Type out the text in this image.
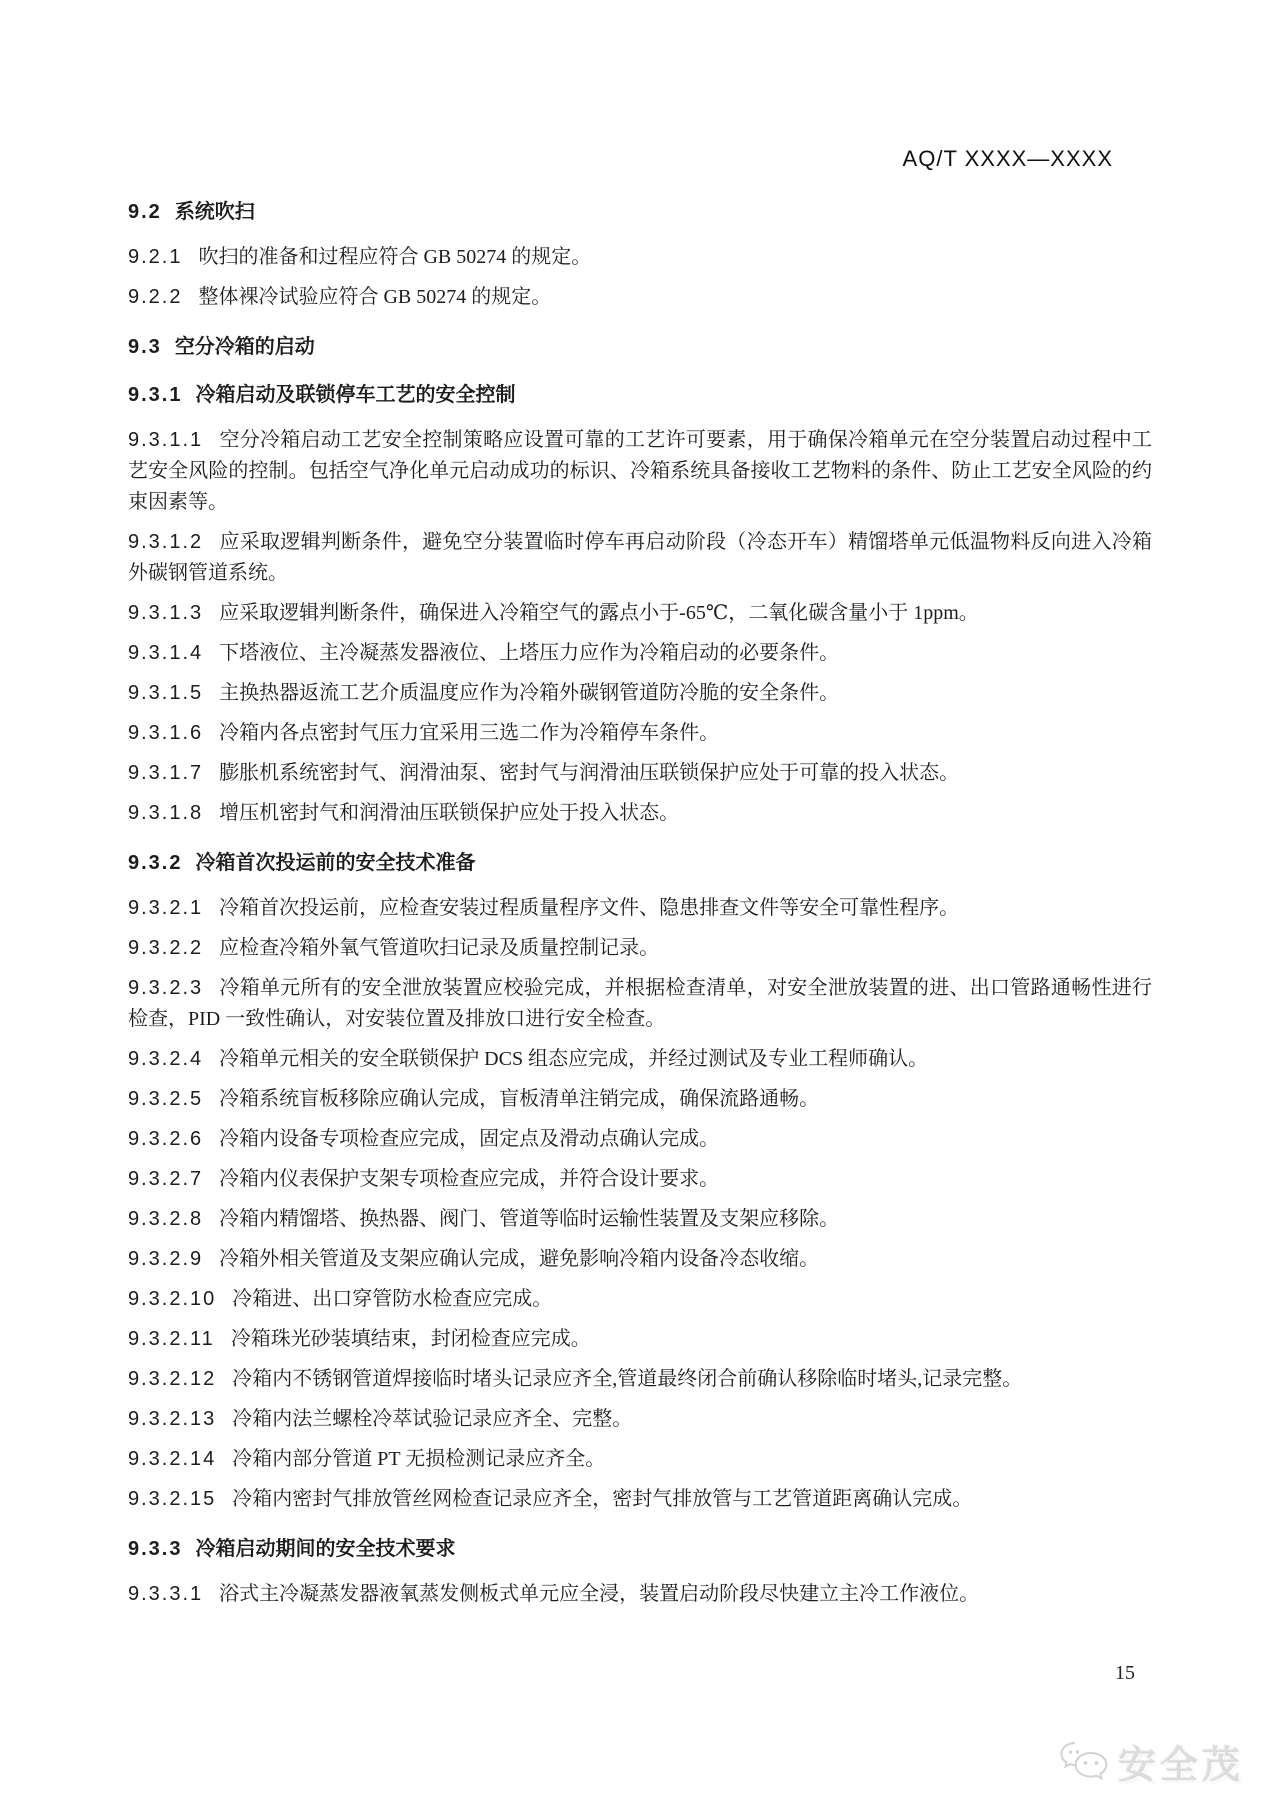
AQ/T XXXX—XXXX
9.2 系统吹扫
9.2.1 吹扫的准备和过程应符合 GB 50274 的规定。
9.2.2 整体裸冷试验应符合 GB 50274 的规定。
9.3 空分冷箱的启动
9.3.1 冷箱启动及联锁停车工艺的安全控制
9.3.1.1 空分冷箱启动工艺安全控制策略应设置可靠的工艺许可要素，用于确保冷箱单元在空分装置启动过程中工艺安全风险的控制。包括空气净化单元启动成功的标识、冷箱系统具备接收工艺物料的条件、防止工艺安全风险的约束因素等。
9.3.1.2 应采取逻辑判断条件，避免空分装置临时停车再启动阶段（冷态开车）精馏塔单元低温物料反向进入冷箱外碳钢管道系统。
9.3.1.3 应采取逻辑判断条件，确保进入冷箱空气的露点小于-65℃，二氧化碳含量小于 1ppm。
9.3.1.4 下塔液位、主冷凝蒸发器液位、上塔压力应作为冷箱启动的必要条件。
9.3.1.5 主换热器返流工艺介质温度应作为冷箱外碳钢管道防冷脆的安全条件。
9.3.1.6 冷箱内各点密封气压力宜采用三选二作为冷箱停车条件。
9.3.1.7 膨胀机系统密封气、润滑油泵、密封气与润滑油压联锁保护应处于可靠的投入状态。
9.3.1.8 增压机密封气和润滑油压联锁保护应处于投入状态。
9.3.2 冷箱首次投运前的安全技术准备
9.3.2.1 冷箱首次投运前，应检查安装过程质量程序文件、隐患排查文件等安全可靠性程序。
9.3.2.2 应检查冷箱外氧气管道吹扫记录及质量控制记录。
9.3.2.3 冷箱单元所有的安全泄放装置应校验完成，并根据检查清单，对安全泄放装置的进、出口管路通畅性进行检查，PID 一致性确认，对安装位置及排放口进行安全检查。
9.3.2.4 冷箱单元相关的安全联锁保护 DCS 组态应完成，并经过测试及专业工程师确认。
9.3.2.5 冷箱系统盲板移除应确认完成，盲板清单注销完成，确保流路通畅。
9.3.2.6 冷箱内设备专项检查应完成，固定点及滑动点确认完成。
9.3.2.7 冷箱内仪表保护支架专项检查应完成，并符合设计要求。
9.3.2.8 冷箱内精馏塔、换热器、阀门、管道等临时运输性装置及支架应移除。
9.3.2.9 冷箱外相关管道及支架应确认完成，避免影响冷箱内设备冷态收缩。
9.3.2.10 冷箱进、出口穿管防水检查应完成。
9.3.2.11 冷箱珠光砂装填结束，封闭检查应完成。
9.3.2.12 冷箱内不锈钢管道焊接临时堵头记录应齐全,管道最终闭合前确认移除临时堵头,记录完整。
9.3.2.13 冷箱内法兰螺栓冷萃试验记录应齐全、完整。
9.3.2.14 冷箱内部分管道 PT 无损检测记录应齐全。
9.3.2.15 冷箱内密封气排放管丝网检查记录应齐全，密封气排放管与工艺管道距离确认完成。
9.3.3 冷箱启动期间的安全技术要求
9.3.3.1 浴式主冷凝蒸发器液氧蒸发侧板式单元应全浸，装置启动阶段尽快建立主冷工作液位。
15
安全茂
